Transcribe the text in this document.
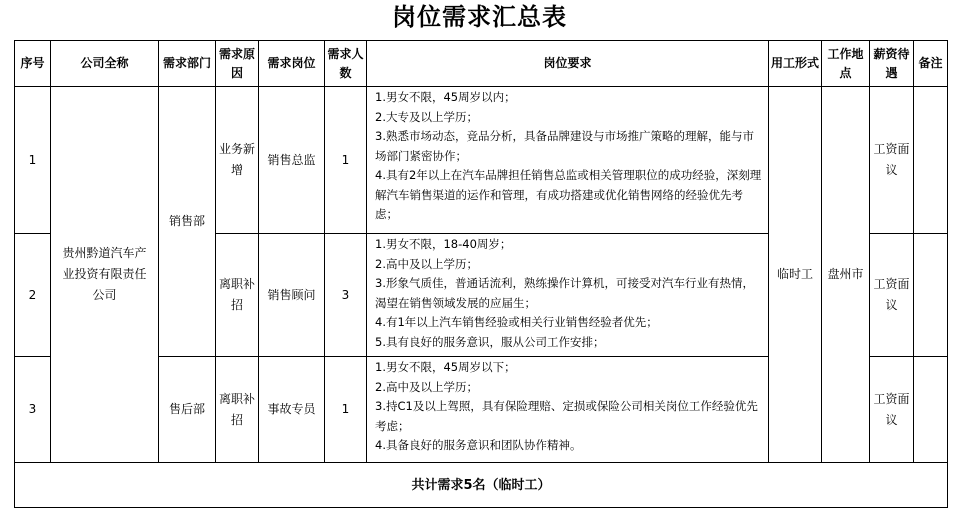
岗位需求汇总表
序号	公司全称	需求部门	需求原因	需求岗位	需求人数	岗位要求	用工形式	工作地点	薪资待遇	备注
1	贵州黔道汽车产业投资有限责任公司	销售部	业务新增	销售总监	1	1.男女不限，45周岁以内；
2.大专及以上学历；
3.熟悉市场动态，竞品分析，具备品牌建设与市场推广策略的理解，能与市场部门紧密协作；
4.具有2年以上在汽车品牌担任销售总监或相关管理职位的成功经验，深刻理解汽车销售渠道的运作和管理，有成功搭建或优化销售网络的经验优先考虑；	临时工	盘州市	工资面议	
2			离职补招	销售顾问	3	1.男女不限，18-40周岁；
2.高中及以上学历；
3.形象气质佳，普通话流利，熟练操作计算机，可接受对汽车行业有热情，渴望在销售领域发展的应届生；
4.有1年以上汽车销售经验或相关行业销售经验者优先；
5.具有良好的服务意识，服从公司工作安排；			工资面议	
3		售后部	离职补招	事故专员	1	1.男女不限，45周岁以下；
2.高中及以上学历；
3.持C1及以上驾照，具有保险理赔、定损或保险公司相关岗位工作经验优先考虑；
4.具备良好的服务意识和团队协作精神。			工资面议	
共计需求5名（临时工）										
